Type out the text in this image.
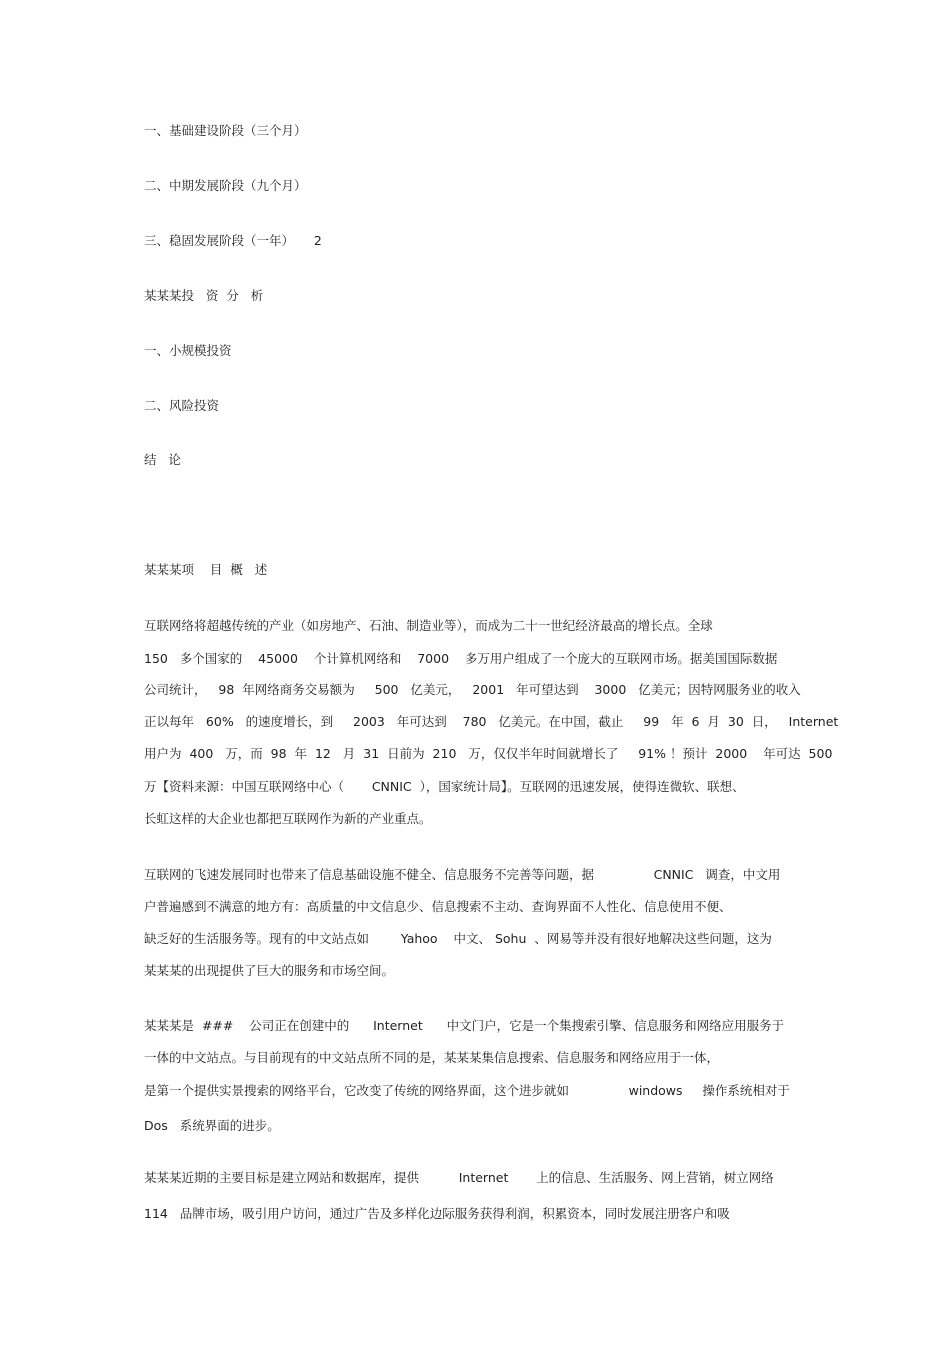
一、基础建设阶段（三个月）
二、中期发展阶段（九个月）
三、稳固发展阶段（一年）     2
某某某投   资  分   析
一、小规模投资
二、风险投资
结   论
某某某项    目  概   述
互联网络将超越传统的产业（如房地产、石油、制造业等），而成为二十一世纪经济最高的增长点。全球
150   多个国家的    45000    个计算机网络和    7000    多万用户组成了一个庞大的互联网市场。据美国国际数据
公司统计，   98  年网络商务交易额为     500   亿美元，   2001   年可望达到    3000   亿美元；因特网服务业的收入
正以每年   60%   的速度增长，到     2003   年可达到    780   亿美元。在中国，截止     99   年  6  月  30  日，   Internet
用户为  400   万，而  98  年  12   月  31  日前为  210   万，仅仅半年时间就增长了     91% ！预计  2000    年可达  500
万【资料来源：中国互联网络中心（       CNNIC  ），国家统计局】。互联网的迅速发展，使得连微软、联想、
长虹这样的大企业也都把互联网作为新的产业重点。
互联网的飞速发展同时也带来了信息基础设施不健全、信息服务不完善等问题，据               CNNIC   调查，中文用
户普遍感到不满意的地方有：高质量的中文信息少、信息搜索不主动、查询界面不人性化、信息使用不便、
缺乏好的生活服务等。现有的中文站点如        Yahoo    中文、 Sohu  、网易等并没有很好地解决这些问题，这为
某某某的出现提供了巨大的服务和市场空间。
某某某是  ###    公司正在创建中的      Internet      中文门户，它是一个集搜索引擎、信息服务和网络应用服务于
一体的中文站点。与目前现有的中文站点所不同的是，某某某集信息搜索、信息服务和网络应用于一体，
是第一个提供实景搜索的网络平台，它改变了传统的网络界面，这个进步就如               windows     操作系统相对于
Dos   系统界面的进步。
某某某近期的主要目标是建立网站和数据库，提供          Internet       上的信息、生活服务、网上营销，树立网络
114   品牌市场，吸引用户访问，通过广告及多样化边际服务获得利润，积累资本，同时发展注册客户和吸
